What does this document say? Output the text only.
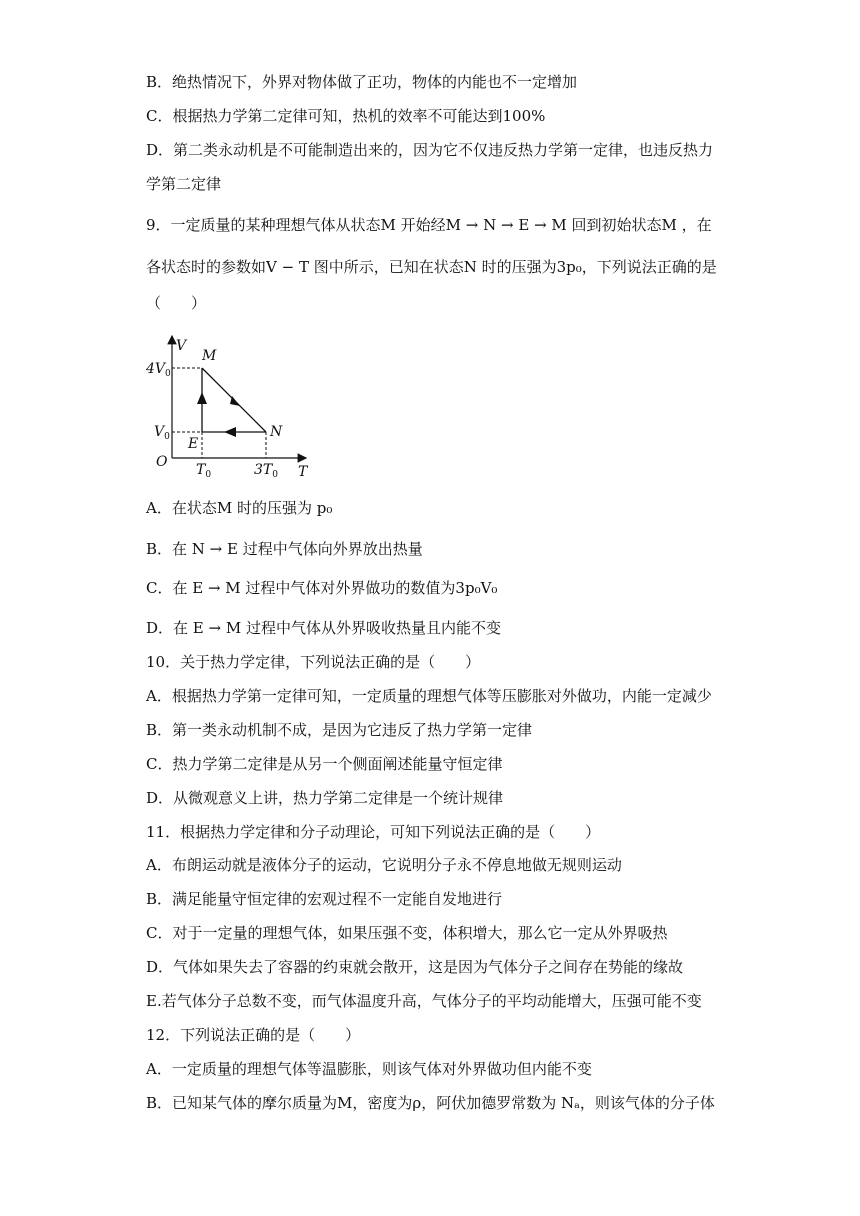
B．绝热情况下，外界对物体做了正功，物体的内能也不一定增加
C．根据热力学第二定律可知，热机的效率不可能达到100%
D．第二类永动机是不可能制造出来的，因为它不仅违反热力学第一定律，也违反热力
学第二定律
9．一定质量的某种理想气体从状态M 开始经M → N → E → M 回到初始状态M ，在
各状态时的参数如V − T 图中所示，已知在状态N 时的压强为3p₀，下列说法正确的是
（　　）
V
T
O
$4V_0$
$V_0$
$T_0$	$3T_0$
M
N
E
A．在状态M 时的压强为 p₀
B．在 N → E 过程中气体向外界放出热量
C．在 E → M 过程中气体对外界做功的数值为3p₀V₀
D．在 E → M 过程中气体从外界吸收热量且内能不变
10．关于热力学定律，下列说法正确的是（　　）
A．根据热力学第一定律可知，一定质量的理想气体等压膨胀对外做功，内能一定减少
B．第一类永动机制不成，是因为它违反了热力学第一定律
C．热力学第二定律是从另一个侧面阐述能量守恒定律
D．从微观意义上讲，热力学第二定律是一个统计规律
11．根据热力学定律和分子动理论，可知下列说法正确的是（　　）
A．布朗运动就是液体分子的运动，它说明分子永不停息地做无规则运动
B．满足能量守恒定律的宏观过程不一定能自发地进行
C．对于一定量的理想气体，如果压强不变，体积增大，那么它一定从外界吸热
D．气体如果失去了容器的约束就会散开，这是因为气体分子之间存在势能的缘故
E.若气体分子总数不变，而气体温度升高，气体分子的平均动能增大，压强可能不变
12．下列说法正确的是（　　）
A．一定质量的理想气体等温膨胀，则该气体对外界做功但内能不变
B．已知某气体的摩尔质量为M，密度为ρ，阿伏加德罗常数为 Nₐ，则该气体的分子体
